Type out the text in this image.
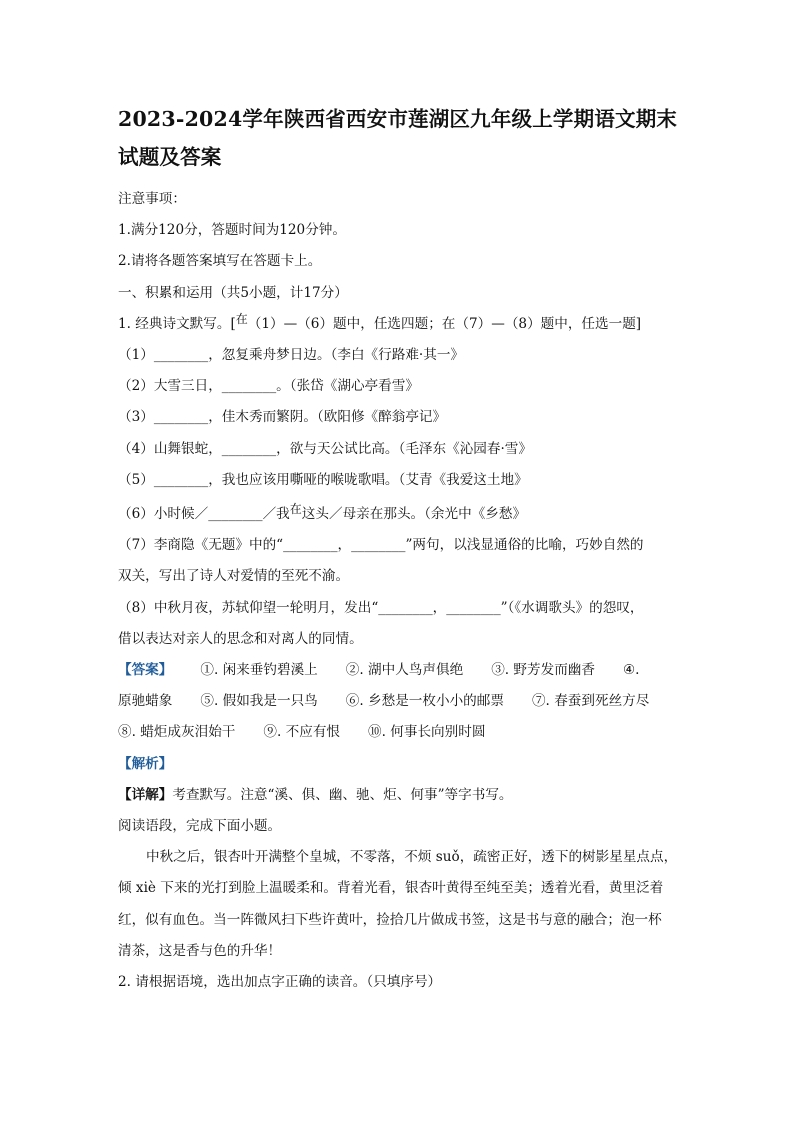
2023-2024学年陕西省西安市莲湖区九年级上学期语文期末
试题及答案

注意事项：

1.满分120分，答题时间为120分钟。

2.请将各题答案填写在答题卡上。

一、积累和运用（共5小题，计17分）

1. 经典诗文默写。[在（1）—（6）题中，任选四题；在（7）—（8）题中，任选一题]

（1）________，忽复乘舟梦日边。（李白《行路难·其一》

（2）大雪三日，________。（张岱《湖心亭看雪》

（3）________，佳木秀而繁阴。（欧阳修《醉翁亭记》

（4）山舞银蛇，________，欲与天公试比高。（毛泽东《沁园春·雪》

（5）________，我也应该用嘶哑的喉咙歌唱。（艾青《我爱这土地》

（6）小时候／________／我在这头／母亲在那头。（余光中《乡愁》

（7）李商隐《无题》中的“________，________”两句，以浅显通俗的比喻，巧妙自然的

双关，写出了诗人对爱情的至死不渝。

（8）中秋月夜，苏轼仰望一轮明月，发出“________，________”（《水调歌头》的怨叹，

借以表达对亲人的思念和对离人的同情。

【答案】 ①. 闲来垂钓碧溪上 ②. 湖中人鸟声俱绝 ③. 野芳发而幽香 ④.

原驰蜡象 ⑤. 假如我是一只鸟 ⑥. 乡愁是一枚小小的邮票 ⑦. 春蚕到死丝方尽

⑧. 蜡炬成灰泪始干 ⑨. 不应有恨 ⑩. 何事长向别时圆

【解析】

【详解】考查默写。注意“溪、俱、幽、驰、炬、何事”等字书写。

阅读语段，完成下面小题。

中秋之后，银杏叶开满整个皇城，不零落，不烦 suǒ，疏密正好，透下的树影星星点点，

倾 xiè 下来的光打到脸上温暖柔和。背着光看，银杏叶黄得至纯至美；透着光看，黄里泛着

红，似有血色。当一阵微风扫下些许黄叶，捡拾几片做成书签，这是书与意的融合；泡一杯

清茶，这是香与色的升华！

2. 请根据语境，选出加点字正确的读音。（只填序号）
